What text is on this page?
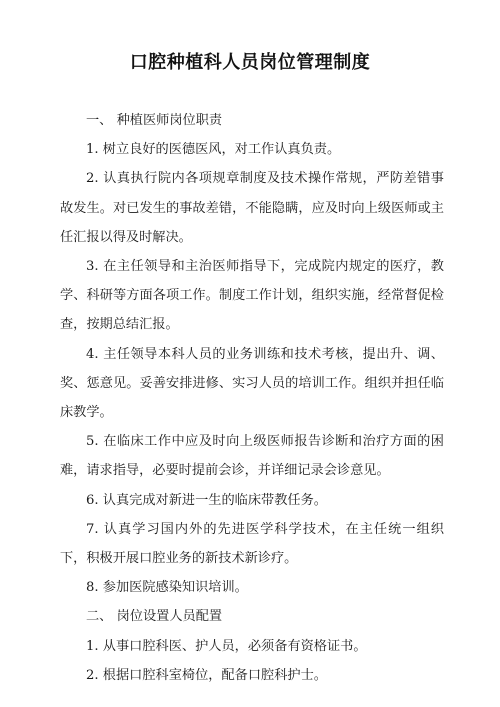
口腔种植科人员岗位管理制度

一、 种植医师岗位职责

1. 树立良好的医德医风，对工作认真负责。

2. 认真执行院内各项规章制度及技术操作常规，严防差错事故发生。对已发生的事故差错，不能隐瞒，应及时向上级医师或主任汇报以得及时解决。

3. 在主任领导和主治医师指导下，完成院内规定的医疗，教学、科研等方面各项工作。制度工作计划，组织实施，经常督促检查，按期总结汇报。

4. 主任领导本科人员的业务训练和技术考核，提出升、调、奖、惩意见。妥善安排进修、实习人员的培训工作。组织并担任临床教学。

5. 在临床工作中应及时向上级医师报告诊断和治疗方面的困难，请求指导，必要时提前会诊，并详细记录会诊意见。

6. 认真完成对新进一生的临床带教任务。

7. 认真学习国内外的先进医学科学技术，在主任统一组织下，积极开展口腔业务的新技术新诊疗。

8. 参加医院感染知识培训。

二、 岗位设置人员配置

1. 从事口腔科医、护人员，必须备有资格证书。

2. 根据口腔科室椅位，配备口腔科护士。
